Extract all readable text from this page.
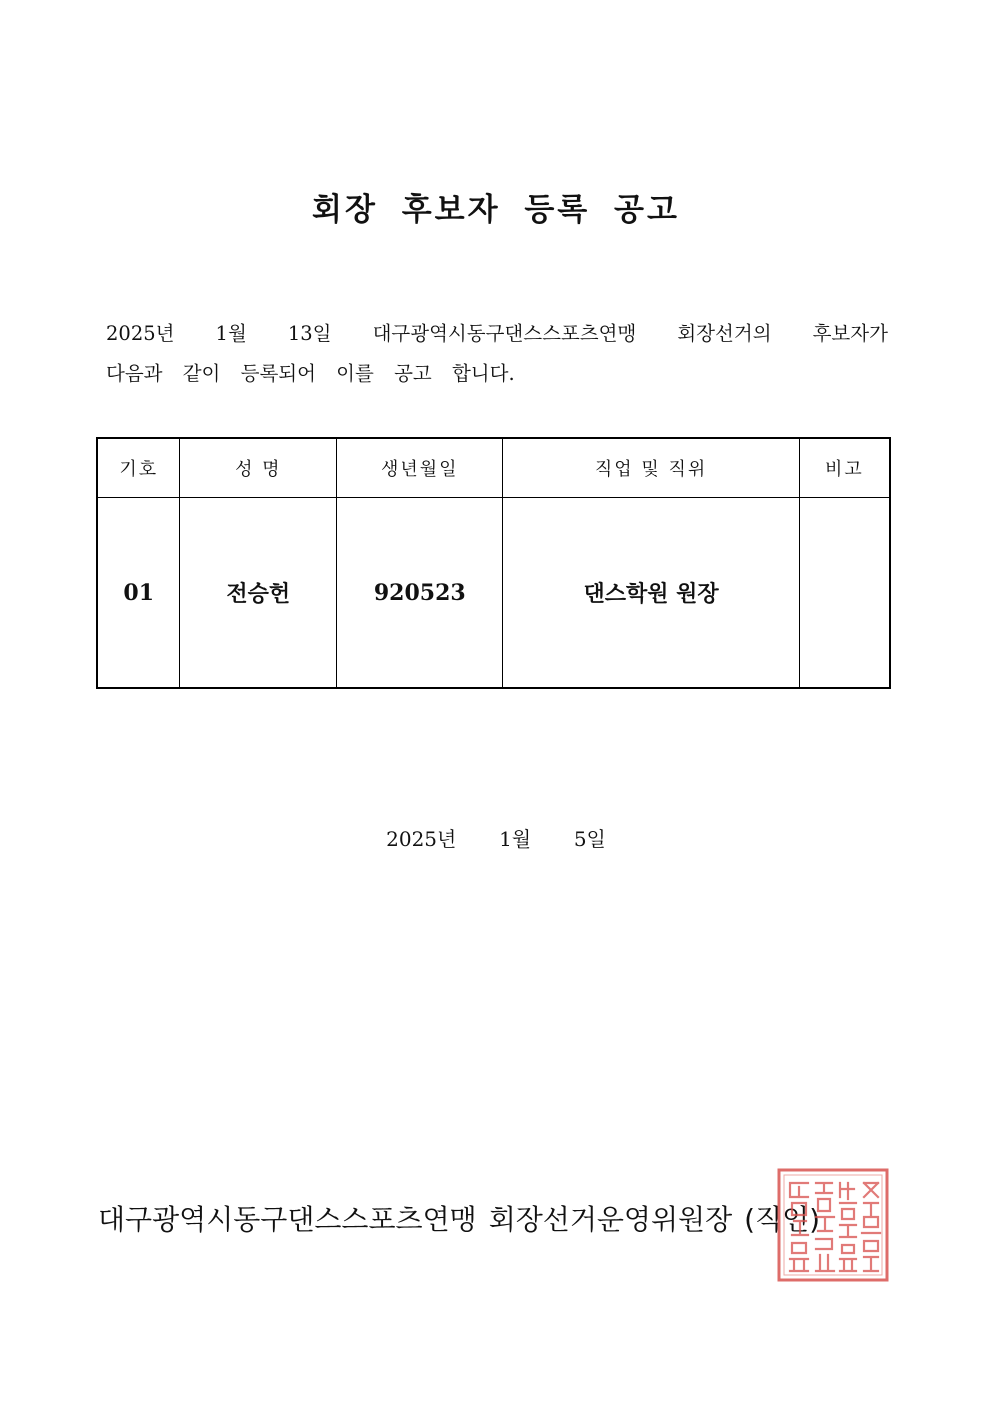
회장 후보자 등록 공고
2025년 1월 13일 대구광역시동구댄스스포츠연맹 회장선거의 후보자가
다음과 같이 등록되어 이를 공고 합니다.
기호	성 명	생년월일	직업 및 직위	비고
01	전승헌	920523	댄스학원 원장	
2025년 1월 5일
대구광역시동구댄스스포츠연맹 회장선거운영위원장 (직인)
